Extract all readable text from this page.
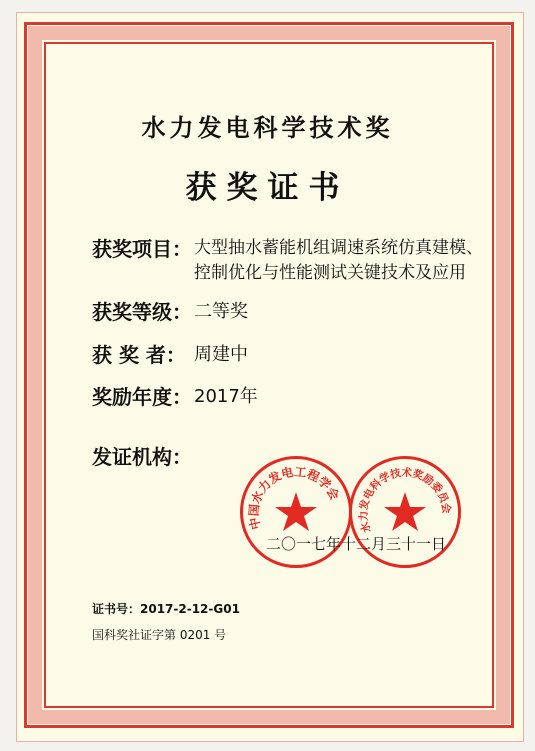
水力发电科学技术奖
获奖证书
获奖项目： 大型抽水蓄能机组调速系统仿真建模、
控制优化与性能测试关键技术及应用
获奖等级： 二等奖
获 奖 者： 周建中
奖励年度： 2017年
发证机构：
中国水力发电工程学会
水力发电科学技术奖励委员会
二〇一七年十二月三十一日
证书号：2017-2-12-G01
国科奖社证字第 0201 号
